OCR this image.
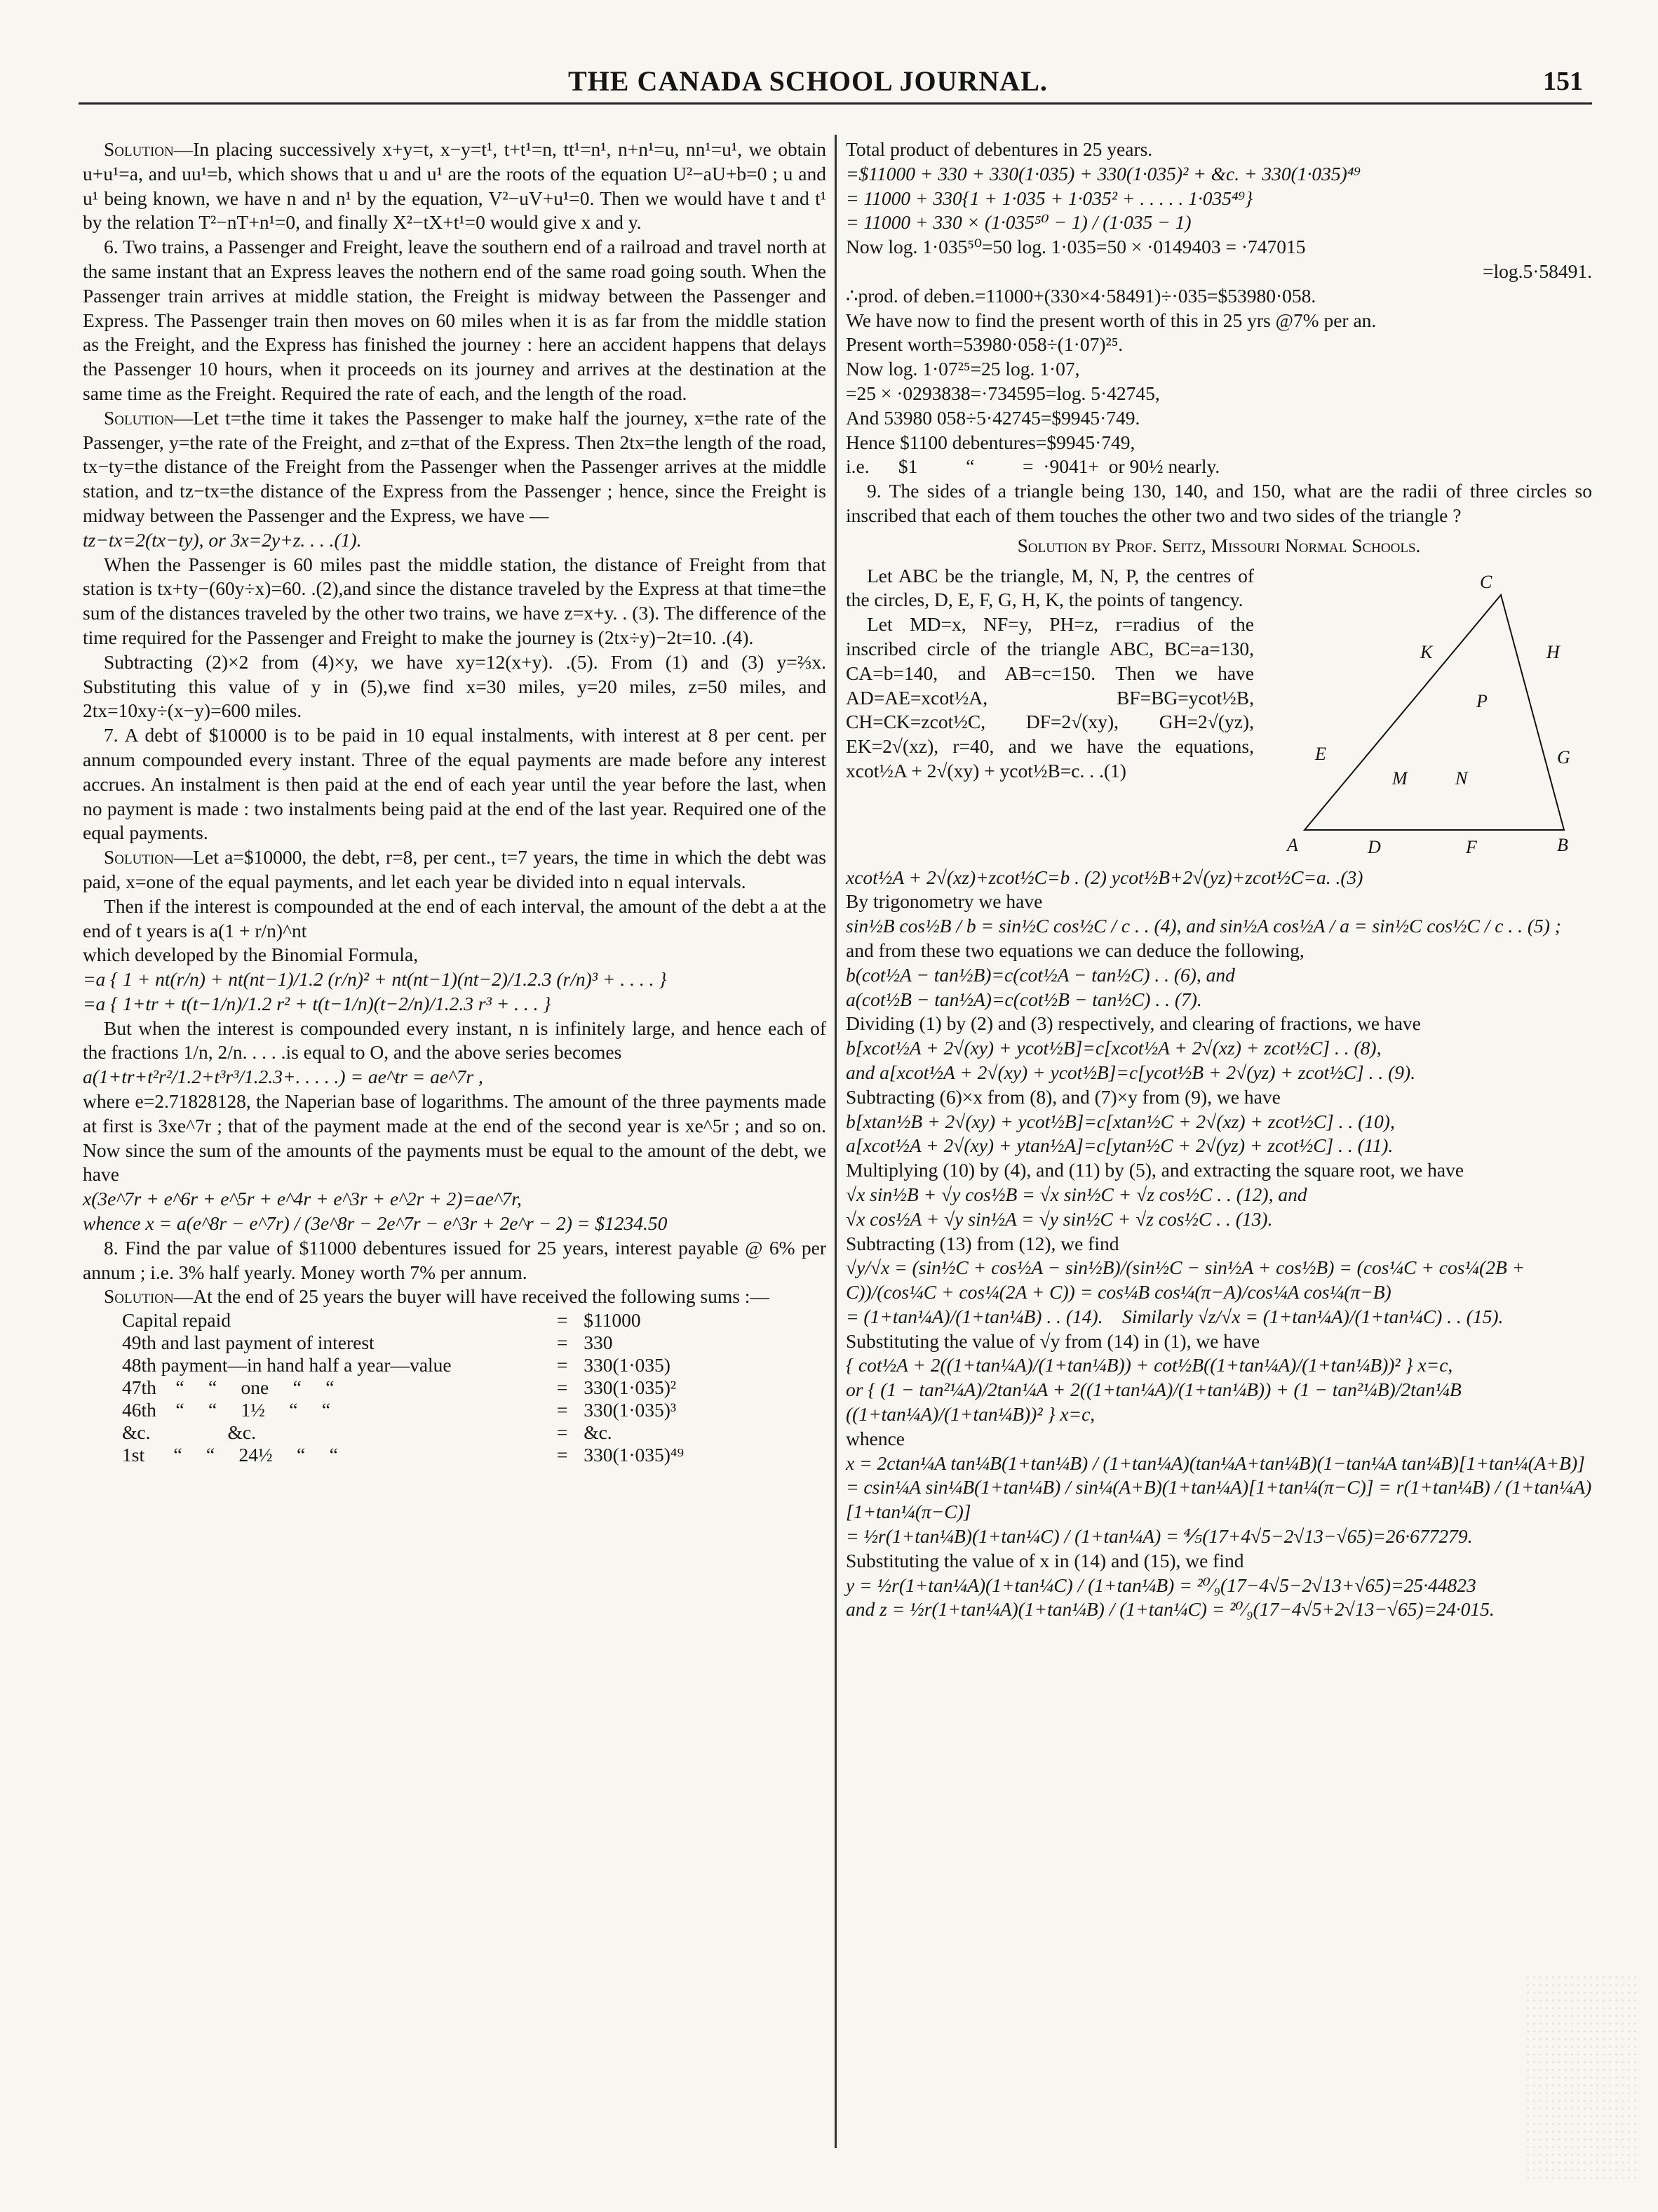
THE CANADA SCHOOL JOURNAL.	151

Solution—In placing successively x+y=t, x−y=t¹, t+t¹=n, tt¹=n¹, n+n¹=u, nn¹=u¹, we obtain u+u¹=a, and uu¹=b, which shows that u and u¹ are the roots of the equation U²−aU+b=0 ; u and u¹ being known, we have n and n¹ by the equation, V²−uV+u¹=0. Then we would have t and t¹ by the relation T²−nT+n¹=0, and finally X²−tX+t¹=0 would give x and y.

6. Two trains, a Passenger and Freight, leave the southern end of a railroad and travel north at the same instant that an Express leaves the nothern end of the same road going south. When the Passenger train arrives at middle station, the Freight is midway between the Passenger and Express. The Passenger train then moves on 60 miles when it is as far from the middle station as the Freight, and the Express has finished the journey : here an accident happens that delays the Passenger 10 hours, when it proceeds on its journey and arrives at the destination at the same time as the Freight. Required the rate of each, and the length of the road.

Solution—Let t=the time it takes the Passenger to make half the journey, x=the rate of the Passenger, y=the rate of the Freight, and z=that of the Express. Then 2tx=the length of the road, tx−ty=the distance of the Freight from the Passenger when the Passenger arrives at the middle station, and tz−tx=the distance of the Express from the Passenger ; hence, since the Freight is midway between the Passenger and the Express, we have —

tz−tx=2(tx−ty), or 3x=2y+z. . . .(1).

When the Passenger is 60 miles past the middle station, the distance of Freight from that station is tx+ty−(60y÷x)=60. .(2),and since the distance traveled by the Express at that time=the sum of the distances traveled by the other two trains, we have z=x+y. . (3). The difference of the time required for the Passenger and Freight to make the journey is (2tx÷y)−2t=10. .(4).

Subtracting (2)×2 from (4)×y, we have xy=12(x+y). .(5). From (1) and (3) y=⅔x. Substituting this value of y in (5),we find x=30 miles, y=20 miles, z=50 miles, and 2tx=10xy÷(x−y)=600 miles.

7. A debt of $10000 is to be paid in 10 equal instalments, with interest at 8 per cent. per annum compounded every instant. Three of the equal payments are made before any interest accrues. An instalment is then paid at the end of each year until the year before the last, when no payment is made : two instalments being paid at the end of the last year. Required one of the equal payments.

Solution—Let a=$10000, the debt, r=8, per cent., t=7 years, the time in which the debt was paid, x=one of the equal payments, and let each year be divided into n equal intervals.

Then if the interest is compounded at the end of each interval, the amount of the debt a at the end of t years is a(1 + r/n)^nt

which developed by the Binomial Formula,

=a { 1 + nt(r/n) + nt(nt−1)/1.2 (r/n)² + nt(nt−1)(nt−2)/1.2.3 (r/n)³ + . . . . }

=a { 1+tr + t(t−1/n)/1.2 r² + t(t−1/n)(t−2/n)/1.2.3 r³ + . . . }

But when the interest is compounded every instant, n is infinitely large, and hence each of the fractions 1/n, 2/n. . . . .is equal to O, and the above series becomes

a(1+tr+t²r²/1.2+t³r³/1.2.3+. . . . .) = ae^tr = ae^7r ,

where e=2.71828128, the Naperian base of logarithms. The amount of the three payments made at first is 3xe^7r ; that of the payment made at the end of the second year is xe^5r ; and so on. Now since the sum of the amounts of the payments must be equal to the amount of the debt, we have

x(3e^7r + e^6r + e^5r + e^4r + e^3r + e^2r + 2)=ae^7r,

whence x = a(e^8r − e^7r) / (3e^8r − 2e^7r − e^3r + 2e^r − 2) = $1234.50

8. Find the par value of $11000 debentures issued for 25 years, interest payable @ 6% per annum ; i.e. 3% half yearly. Money worth 7% per annum.

Solution—At the end of 25 years the buyer will have received the following sums :—

Capital repaid	=	$11000
49th and last payment of interest	=	330
48th payment—in hand half a year—value	=	330(1·035)
47th    “     “     one     “     “	=	330(1·035)²
46th    “     “     1½     “     “	=	330(1·035)³
&c.                &c.	=	&c.
1st      “     “     24½     “     “	=	330(1·035)⁴⁹

Total product of debentures in 25 years.

=$11000 + 330 + 330(1·035) + 330(1·035)² + &c. + 330(1·035)⁴⁹

= 11000 + 330{1 + 1·035 + 1·035² + . . . . . 1·035⁴⁹}

= 11000 + 330 × (1·035⁵⁰ − 1) / (1·035 − 1)

Now log. 1·035⁵⁰=50 log. 1·035=50 × ·0149403 = ·747015

=log.5·58491.

∴prod. of deben.=11000+(330×4·58491)÷·035=$53980·058.

We have now to find the present worth of this in 25 yrs @7% per an.

Present worth=53980·058÷(1·07)²⁵.

Now log. 1·07²⁵=25 log. 1·07,

=25 × ·0293838=·734595=log. 5·42745,

And 53980 058÷5·42745=$9945·749.

Hence $1100 debentures=$9945·749,

i.e.      $1          “          =  ·9041+  or 90½ nearly.

9. The sides of a triangle being 130, 140, and 150, what are the radii of three circles so inscribed that each of them touches the other two and two sides of the triangle ?

Solution by Prof. Seitz, Missouri Normal Schools.

C
A	B
D	F
E	G
H
K
M	N
P

Let ABC be the triangle, M, N, P, the centres of the circles, D, E, F, G, H, K, the points of tangency.

Let MD=x, NF=y, PH=z, r=radius of the inscribed circle of the triangle ABC, BC=a=130, CA=b=140, and AB=c=150. Then we have AD=AE=xcot½A, BF=BG=ycot½B, CH=CK=zcot½C, DF=2√(xy), GH=2√(yz), EK=2√(xz), r=40, and we have the equations, xcot½A + 2√(xy) + ycot½B=c. . .(1)

xcot½A + 2√(xz)+zcot½C=b . (2) ycot½B+2√(yz)+zcot½C=a. .(3)

By trigonometry we have

sin½B cos½B / b = sin½C cos½C / c . . (4), and sin½A cos½A / a = sin½C cos½C / c . . (5) ;

and from these two equations we can deduce the following,

b(cot½A − tan½B)=c(cot½A − tan½C) . . (6), and

a(cot½B − tan½A)=c(cot½B − tan½C) . . (7).

Dividing (1) by (2) and (3) respectively, and clearing of fractions, we have

b[xcot½A + 2√(xy) + ycot½B]=c[xcot½A + 2√(xz) + zcot½C] . . (8),

and a[xcot½A + 2√(xy) + ycot½B]=c[ycot½B + 2√(yz) + zcot½C] . . (9).

Subtracting (6)×x from (8), and (7)×y from (9), we have

b[xtan½B + 2√(xy) + ycot½B]=c[xtan½C + 2√(xz) + zcot½C] . . (10),

a[xcot½A + 2√(xy) + ytan½A]=c[ytan½C + 2√(yz) + zcot½C] . . (11).

Multiplying (10) by (4), and (11) by (5), and extracting the square root, we have

√x sin½B + √y cos½B = √x sin½C + √z cos½C . . (12), and

√x cos½A + √y sin½A = √y sin½C + √z cos½C . . (13).

Subtracting (13) from (12), we find

√y/√x = (sin½C + cos½A − sin½B)/(sin½C − sin½A + cos½B) = (cos¼C + cos¼(2B + C))/(cos¼C + cos¼(2A + C)) = cos¼B cos¼(π−A)/cos¼A cos¼(π−B)

= (1+tan¼A)/(1+tan¼B) . . (14).    Similarly √z/√x = (1+tan¼A)/(1+tan¼C) . . (15).

Substituting the value of √y from (14) in (1), we have

{ cot½A + 2((1+tan¼A)/(1+tan¼B)) + cot½B((1+tan¼A)/(1+tan¼B))² } x=c,

or { (1 − tan²¼A)/2tan¼A + 2((1+tan¼A)/(1+tan¼B)) + (1 − tan²¼B)/2tan¼B ((1+tan¼A)/(1+tan¼B))² } x=c,

whence

x = 2ctan¼A tan¼B(1+tan¼B) / (1+tan¼A)(tan¼A+tan¼B)(1−tan¼A tan¼B)[1+tan¼(A+B)]

= csin¼A sin¼B(1+tan¼B) / sin¼(A+B)(1+tan¼A)[1+tan¼(π−C)] = r(1+tan¼B) / (1+tan¼A)[1+tan¼(π−C)]

= ½r(1+tan¼B)(1+tan¼C) / (1+tan¼A) = ⅘(17+4√5−2√13−√65)=26·677279.

Substituting the value of x in (14) and (15), we find

y = ½r(1+tan¼A)(1+tan¼C) / (1+tan¼B) = ²⁰⁄₉(17−4√5−2√13+√65)=25·44823

and z = ½r(1+tan¼A)(1+tan¼B) / (1+tan¼C) = ²⁰⁄₉(17−4√5+2√13−√65)=24·015.
